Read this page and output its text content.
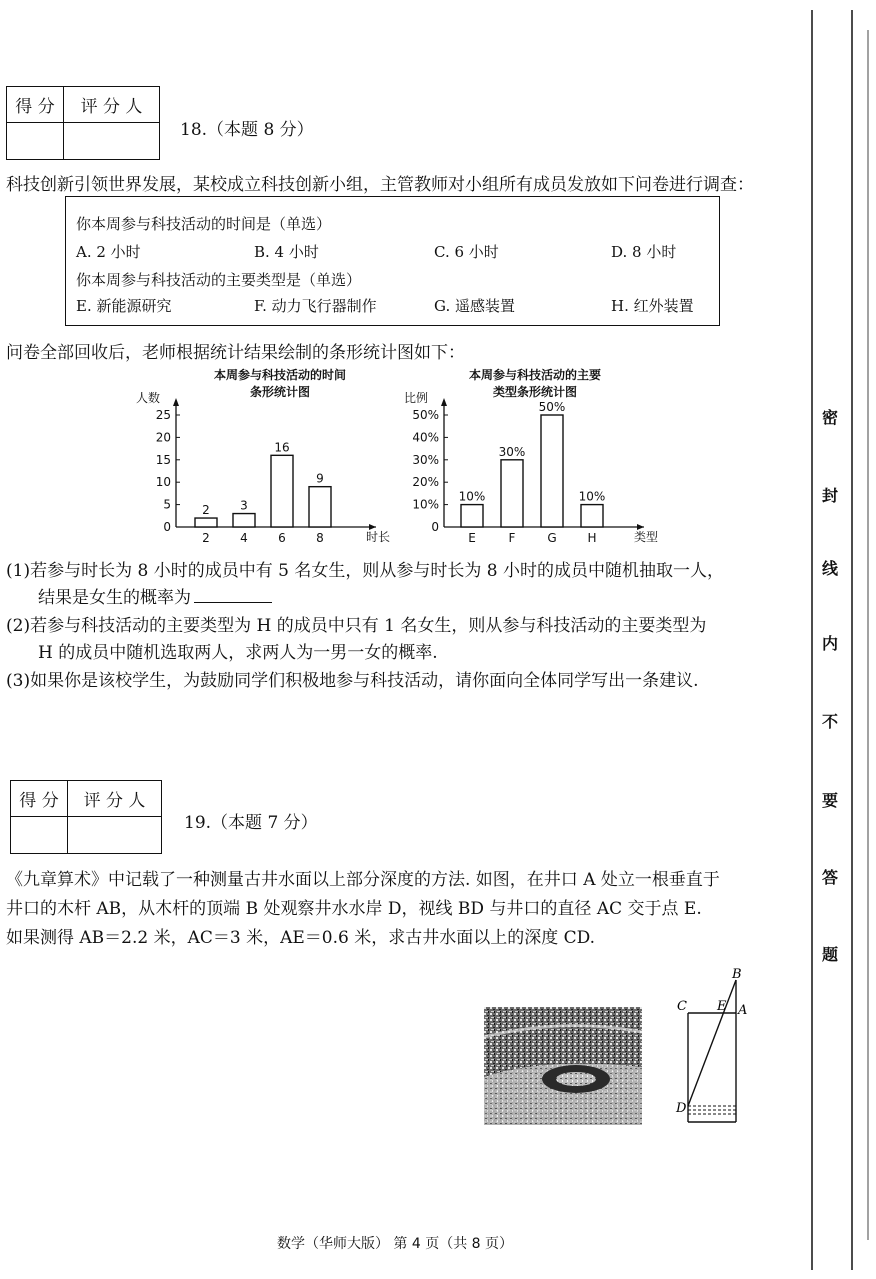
得 分	评 分 人

18.（本题 8 分）
科技创新引领世界发展，某校成立科技创新小组，主管教师对小组所有成员发放如下问卷进行调查：
你本周参与科技活动的时间是（单选）
A. 2 小时	B. 4 小时	C. 6 小时	D. 8 小时
你本周参与科技活动的主要类型是（单选）
E. 新能源研究	F. 动力飞行器制作	G. 遥感装置	H. 红外装置
问卷全部回收后，老师根据统计结果绘制的条形统计图如下：
本周参与科技活动的时间
条形统计图
0
5
10
15
20
25
人数
时长
2
2
3
4
16
6
9
8
本周参与科技活动的主要
类型条形统计图
0
10%
20%
30%
40%
50%
比例
类型
10%
E
30%
F
50%
G
10%
H
(1)若参与时长为 8 小时的成员中有 5 名女生，则从参与时长为 8 小时的成员中随机抽取一人，
结果是女生的概率为
(2)若参与科技活动的主要类型为 H 的成员中只有 1 名女生，则从参与科技活动的主要类型为
H 的成员中随机选取两人，求两人为一男一女的概率.
(3)如果你是该校学生，为鼓励同学们积极地参与科技活动，请你面向全体同学写出一条建议.
得 分	评 分 人

19.（本题 7 分）
《九章算术》中记载了一种测量古井水面以上部分深度的方法. 如图，在井口 A 处立一根垂直于
井口的木杆 AB，从木杆的顶端 B 处观察井水水岸 D，视线 BD 与井口的直径 AC 交于点 E.
如果测得 AB＝2.2 米，AC＝3 米，AE＝0.6 米，求古井水面以上的深度 CD.
B
C E A
D
数学（华师大版） 第 4 页（共 8 页）
密
封
线
内
不
要
答
题
